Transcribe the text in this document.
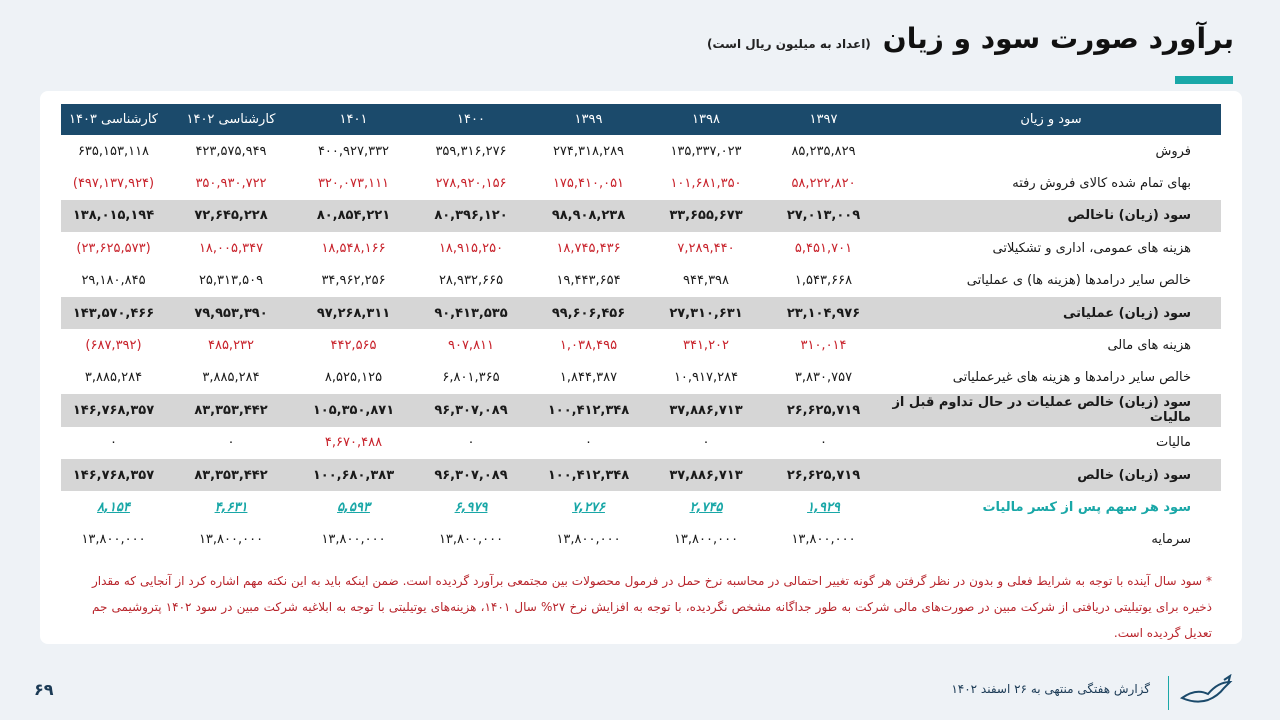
برآورد صورت سود و زیان
(اعداد به میلیون ریال است)
سود و زیان	۱۳۹۷	۱۳۹۸	۱۳۹۹	۱۴۰۰	۱۴۰۱	کارشناسی ۱۴۰۲	کارشناسی ۱۴۰۳
فروش	۸۵,۲۳۵,۸۲۹	۱۳۵,۳۳۷,۰۲۳	۲۷۴,۳۱۸,۲۸۹	۳۵۹,۳۱۶,۲۷۶	۴۰۰,۹۲۷,۳۳۲	۴۲۳,۵۷۵,۹۴۹	۶۳۵,۱۵۳,۱۱۸
بهای تمام شده کالای فروش رفته	۵۸,۲۲۲,۸۲۰	۱۰۱,۶۸۱,۳۵۰	۱۷۵,۴۱۰,۰۵۱	۲۷۸,۹۲۰,۱۵۶	۳۲۰,۰۷۳,۱۱۱	۳۵۰,۹۳۰,۷۲۲	(۴۹۷,۱۳۷,۹۲۴)
سود (زیان) ناخالص	۲۷,۰۱۳,۰۰۹	۳۳,۶۵۵,۶۷۳	۹۸,۹۰۸,۲۳۸	۸۰,۳۹۶,۱۲۰	۸۰,۸۵۴,۲۲۱	۷۲,۶۴۵,۲۲۸	۱۳۸,۰۱۵,۱۹۴
هزینه های عمومی، اداری و تشکیلاتی	۵,۴۵۱,۷۰۱	۷,۲۸۹,۴۴۰	۱۸,۷۴۵,۴۳۶	۱۸,۹۱۵,۲۵۰	۱۸,۵۴۸,۱۶۶	۱۸,۰۰۵,۳۴۷	(۲۳,۶۲۵,۵۷۳)
خالص سایر درامدها (هزینه ها) ی عملیاتی	۱,۵۴۳,۶۶۸	۹۴۴,۳۹۸	۱۹,۴۴۳,۶۵۴	۲۸,۹۳۲,۶۶۵	۳۴,۹۶۲,۲۵۶	۲۵,۳۱۳,۵۰۹	۲۹,۱۸۰,۸۴۵
سود (زیان) عملیاتی	۲۳,۱۰۴,۹۷۶	۲۷,۳۱۰,۶۳۱	۹۹,۶۰۶,۴۵۶	۹۰,۴۱۳,۵۳۵	۹۷,۲۶۸,۳۱۱	۷۹,۹۵۳,۳۹۰	۱۴۳,۵۷۰,۴۶۶
هزینه های مالی	۳۱۰,۰۱۴	۳۴۱,۲۰۲	۱,۰۳۸,۴۹۵	۹۰۷,۸۱۱	۴۴۲,۵۶۵	۴۸۵,۲۳۲	(۶۸۷,۳۹۲)
خالص سایر درامدها و هزینه های غیرعملیاتی	۳,۸۳۰,۷۵۷	۱۰,۹۱۷,۲۸۴	۱,۸۴۴,۳۸۷	۶,۸۰۱,۳۶۵	۸,۵۲۵,۱۲۵	۳,۸۸۵,۲۸۴	۳,۸۸۵,۲۸۴
سود (زیان) خالص عملیات در حال تداوم قبل از مالیات	۲۶,۶۲۵,۷۱۹	۳۷,۸۸۶,۷۱۳	۱۰۰,۴۱۲,۳۴۸	۹۶,۳۰۷,۰۸۹	۱۰۵,۳۵۰,۸۷۱	۸۳,۳۵۳,۴۴۲	۱۴۶,۷۶۸,۳۵۷
مالیات	۰	۰	۰	۰	۴,۶۷۰,۴۸۸	۰	۰
سود (زیان) خالص	۲۶,۶۲۵,۷۱۹	۳۷,۸۸۶,۷۱۳	۱۰۰,۴۱۲,۳۴۸	۹۶,۳۰۷,۰۸۹	۱۰۰,۶۸۰,۳۸۳	۸۳,۳۵۳,۴۴۲	۱۴۶,۷۶۸,۳۵۷
سود هر سهم پس از کسر مالیات	۱,۹۲۹	۲,۷۴۵	۷,۲۷۶	۶,۹۷۹	۵,۵۹۳	۴,۶۳۱	۸,۱۵۴
سرمایه	۱۳,۸۰۰,۰۰۰	۱۳,۸۰۰,۰۰۰	۱۳,۸۰۰,۰۰۰	۱۳,۸۰۰,۰۰۰	۱۳,۸۰۰,۰۰۰	۱۳,۸۰۰,۰۰۰	۱۳,۸۰۰,۰۰۰
* سود سال آینده با توجه به شرایط فعلی و بدون در نظر گرفتن هر گونه تغییر احتمالی در محاسبه نرخ حمل در فرمول محصولات بین مجتمعی برآورد گردیده است. ضمن اینکه باید به این نکته مهم اشاره کرد از آنجایی که مقدار ذخیره برای یوتیلیتی دریافتی از شرکت مبین در صورت‌های مالی شرکت به طور جداگانه مشخص نگردیده، با توجه به افزایش نرخ ۲۷% سال ۱۴۰۱، هزینه‌های یوتیلیتی با توجه به ابلاغیه شرکت مبین در سود ۱۴۰۲ پتروشیمی جم تعدیل گردیده است.
گزارش هفتگی منتهی به ۲۶ اسفند ۱۴۰۲
۶۹
